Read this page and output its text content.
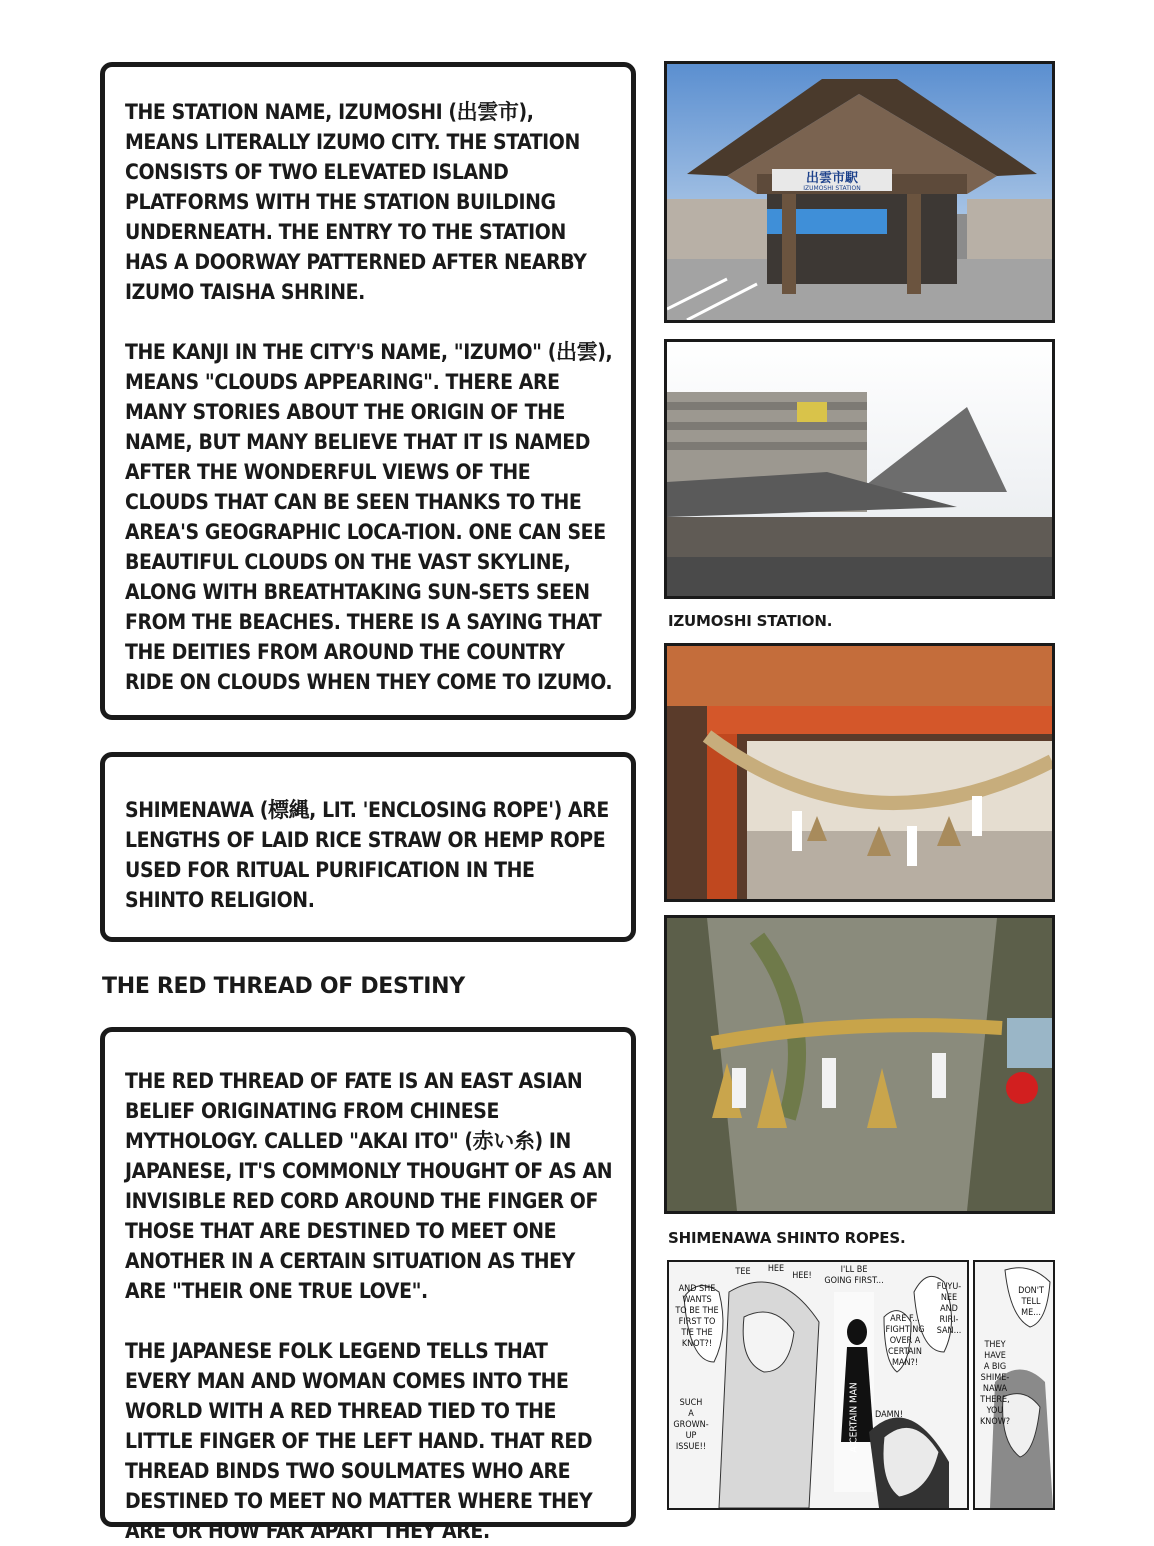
THE STATION NAME, IZUMOSHI (出雲市), MEANS LITERALLY IZUMO CITY. THE STATION CONSISTS OF TWO ELEVATED ISLAND PLATFORMS WITH THE STATION BUILDING UNDERNEATH. THE ENTRY TO THE STATION HAS A DOORWAY PATTERNED AFTER NEARBY IZUMO TAISHA SHRINE.

THE KANJI IN THE CITY'S NAME, "IZUMO" (出雲), MEANS "CLOUDS APPEARING". THERE ARE MANY STORIES ABOUT THE ORIGIN OF THE NAME, BUT MANY BELIEVE THAT IT IS NAMED AFTER THE WONDERFUL VIEWS OF THE CLOUDS THAT CAN BE SEEN THANKS TO THE AREA'S GEOGRAPHIC LOCA-TION. ONE CAN SEE BEAUTIFUL CLOUDS ON THE VAST SKYLINE, ALONG WITH BREATHTAKING SUN-SETS SEEN FROM THE BEACHES. THERE IS A SAYING THAT THE DEITIES FROM AROUND THE COUNTRY RIDE ON CLOUDS WHEN THEY COME TO IZUMO.

SHIMENAWA (標縄, LIT. 'ENCLOSING ROPE') ARE LENGTHS OF LAID RICE STRAW OR HEMP ROPE USED FOR RITUAL PURIFICATION IN THE SHINTO RELIGION.

THE RED THREAD OF DESTINY

THE RED THREAD OF FATE IS AN EAST ASIAN BELIEF ORIGINATING FROM CHINESE MYTHOLOGY. CALLED "AKAI ITO" (赤い糸) IN JAPANESE, IT'S COMMONLY THOUGHT OF AS AN INVISIBLE RED CORD AROUND THE FINGER OF THOSE THAT ARE DESTINED TO MEET ONE ANOTHER IN A CERTAIN SITUATION AS THEY ARE "THEIR ONE TRUE LOVE".

THE JAPANESE FOLK LEGEND TELLS THAT EVERY MAN AND WOMAN COMES INTO THE WORLD WITH A RED THREAD TIED TO THE LITTLE FINGER OF THE LEFT HAND. THAT RED THREAD BINDS TWO SOULMATES WHO ARE DESTINED TO MEET NO MATTER WHERE THEY ARE OR HOW FAR APART THEY ARE.

出雲市駅
IZUMOSHI STATION
IZUMOSHI STATION.
SHIMENAWA SHINTO ROPES.
AND SHE
WANTS
TO BE THE
FIRST TO
TIE THE
KNOT?!
TEE	HEE
HEE!
I'LL BE
GOING FIRST...
ARE F...
FIGHTING
OVER A
CERTAIN
MAN?!
FUYU-
NEE
AND
RIRI-
SAN...
A CERTAIN MAN
SUCH
A
GROWN-
UP
ISSUE!!
DAMN!
DON'T
TELL
ME...
THEY
HAVE
A BIG
SHIME-
NAWA
THERE,
YOU
KNOW?
